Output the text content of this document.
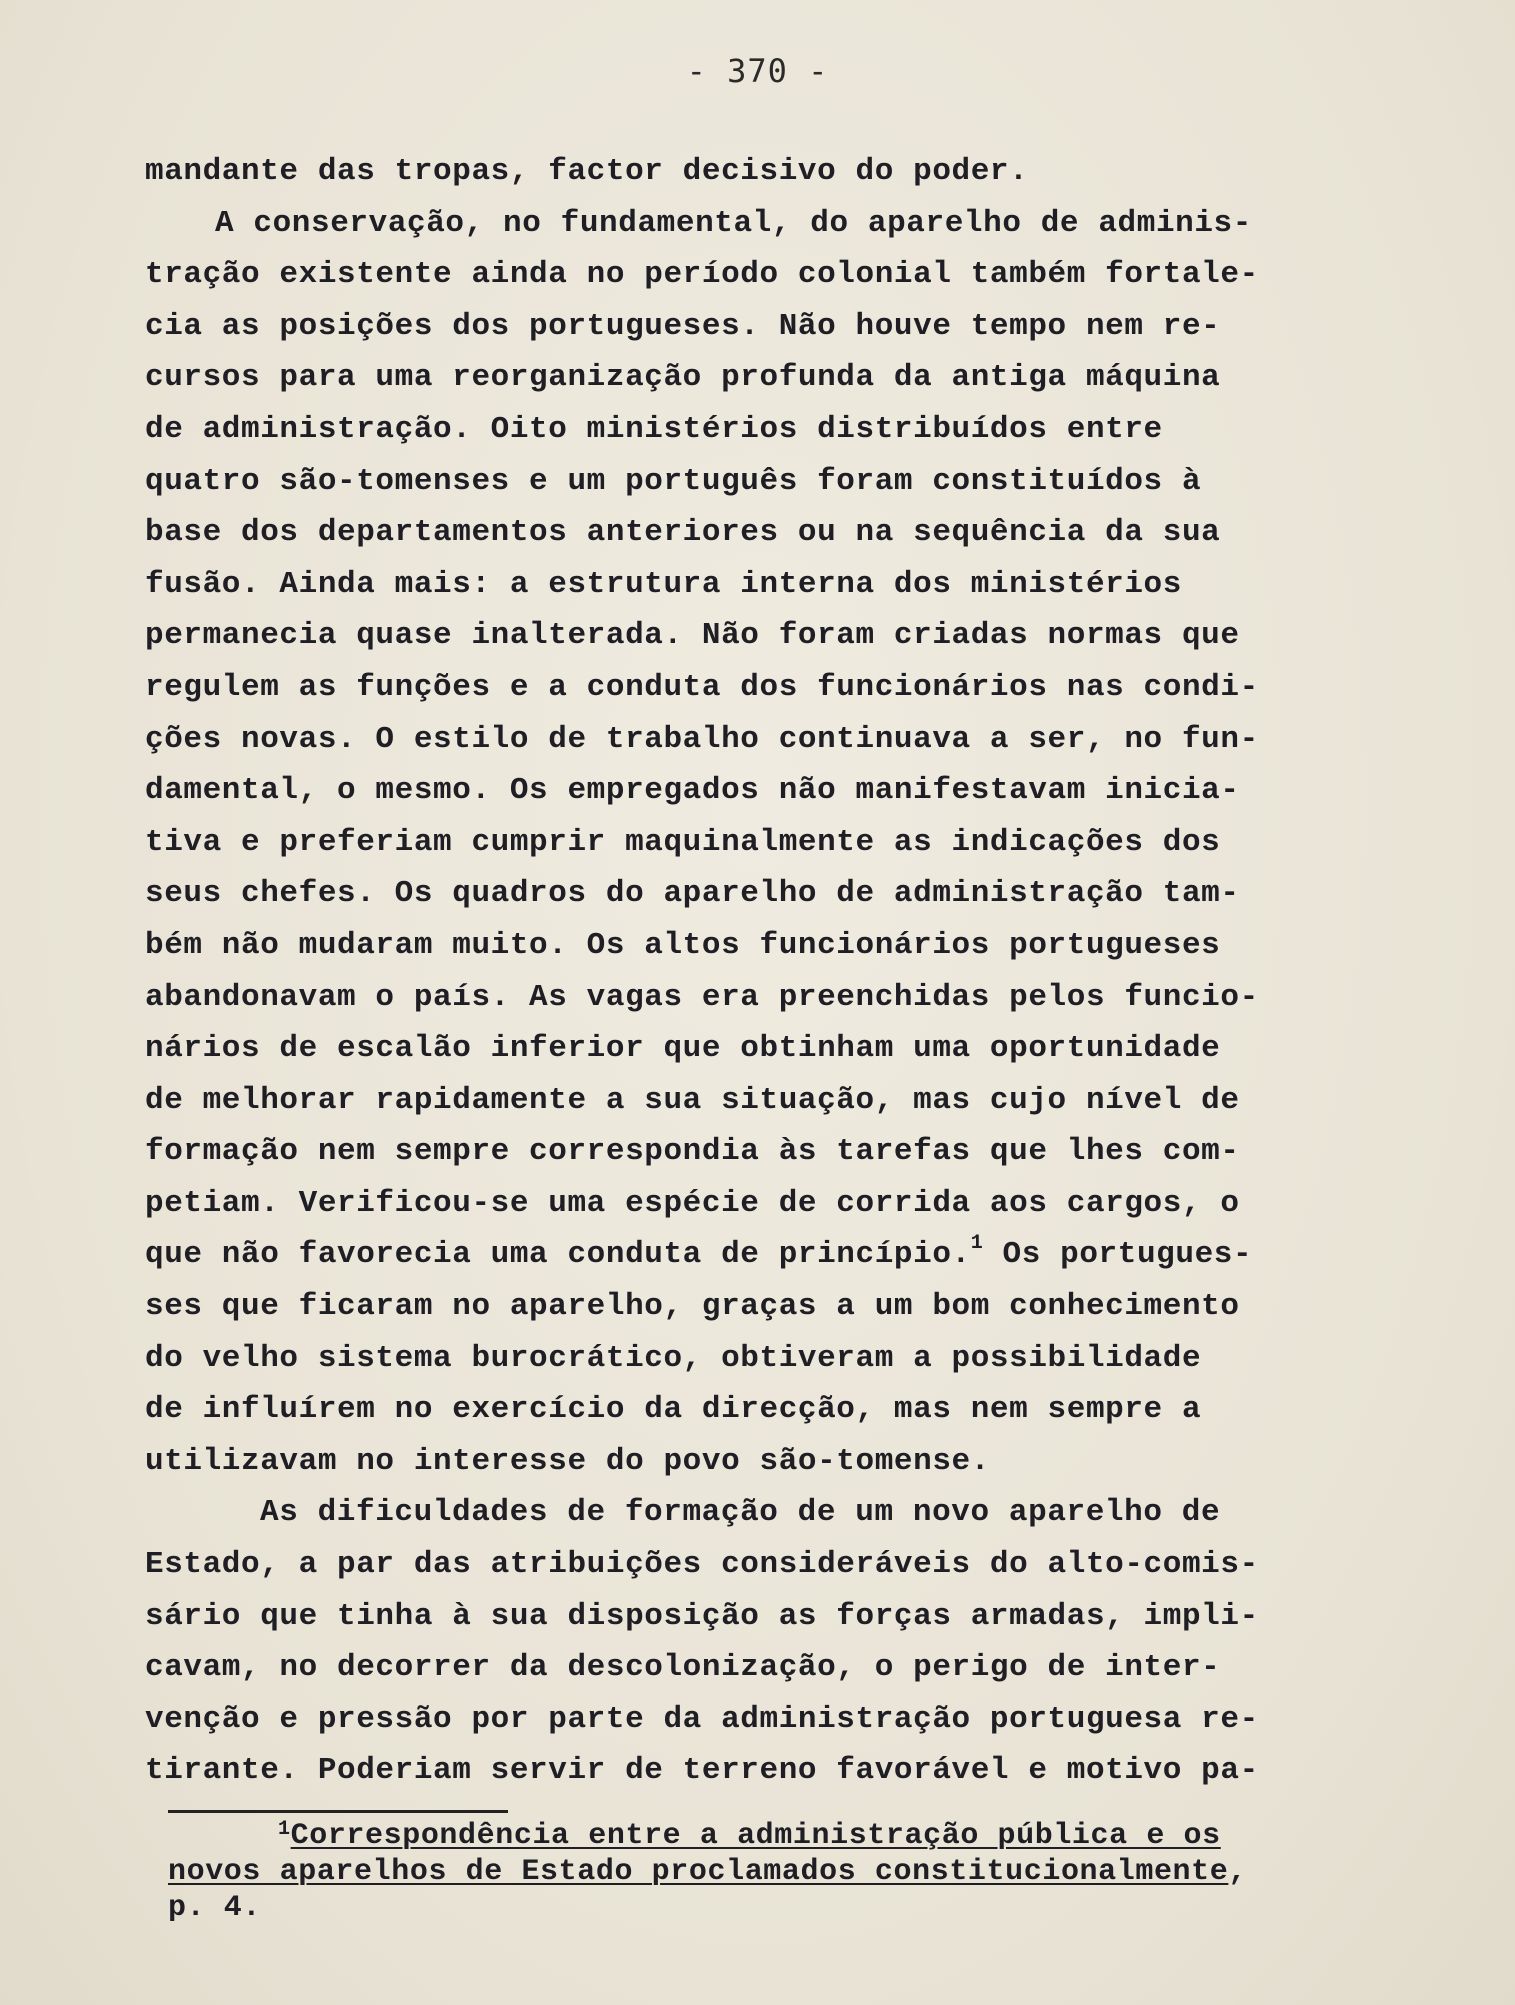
- 370 -
mandante das tropas, factor decisivo do poder.
A conservação, no fundamental, do aparelho de adminis-
tração existente ainda no período colonial também fortale-
cia as posições dos portugueses. Não houve tempo nem re-
cursos para uma reorganização profunda da antiga máquina
de administração. Oito ministérios distribuídos entre
quatro são-tomenses e um português foram constituídos à
base dos departamentos anteriores ou na sequência da sua
fusão. Ainda mais: a estrutura interna dos ministérios
permanecia quase inalterada. Não foram criadas normas que
regulem as funções e a conduta dos funcionários nas condi-
ções novas. O estilo de trabalho continuava a ser, no fun-
damental, o mesmo. Os empregados não manifestavam inicia-
tiva e preferiam cumprir maquinalmente as indicações dos
seus chefes. Os quadros do aparelho de administração tam-
bém não mudaram muito. Os altos funcionários portugueses
abandonavam o país. As vagas era preenchidas pelos funcio-
nários de escalão inferior que obtinham uma oportunidade
de melhorar rapidamente a sua situação, mas cujo nível de
formação nem sempre correspondia às tarefas que lhes com-
petiam. Verificou-se uma espécie de corrida aos cargos, o
que não favorecia uma conduta de princípio.$^1$ Os portugues-
ses que ficaram no aparelho, graças a um bom conhecimento
do velho sistema burocrático, obtiveram a possibilidade
de influírem no exercício da direcção, mas nem sempre a
utilizavam no interesse do povo são-tomense.
As dificuldades de formação de um novo aparelho de
Estado, a par das atribuições consideráveis do alto-comis-
sário que tinha à sua disposição as forças armadas, impli-
cavam, no decorrer da descolonização, o perigo de inter-
venção e pressão por parte da administração portuguesa re-
tirante. Poderiam servir de terreno favorável e motivo pa-
$^1$Correspondência entre a administração pública e os
novos aparelhos de Estado proclamados constitucionalmente,
p. 4.
